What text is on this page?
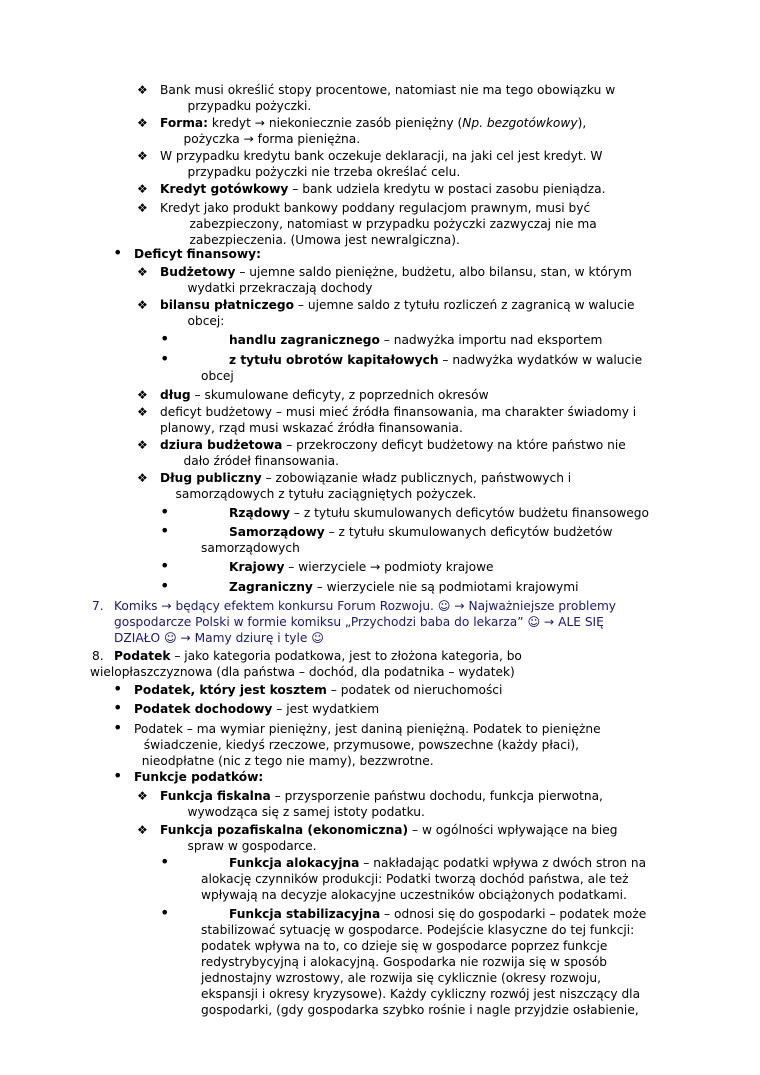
❖ Bank musi określić stopy procentowe, natomiast nie ma tego obowiązku w
przypadku pożyczki.
❖ Forma: kredyt → niekoniecznie zasób pieniężny (Np. bezgotówkowy),
pożyczka → forma pieniężna.
❖ W przypadku kredytu bank oczekuje deklaracji, na jaki cel jest kredyt. W
przypadku pożyczki nie trzeba określać celu.
❖ Kredyt gotówkowy – bank udziela kredytu w postaci zasobu pieniądza.
❖ Kredyt jako produkt bankowy poddany regulacjom prawnym, musi być
zabezpieczony, natomiast w przypadku pożyczki zazwyczaj nie ma
zabezpieczenia. (Umowa jest newralgiczna).
• Deficyt finansowy:
❖ Budżetowy – ujemne saldo pieniężne, budżetu, albo bilansu, stan, w którym
wydatki przekraczają dochody
❖ bilansu płatniczego – ujemne saldo z tytułu rozliczeń z zagranicą w walucie
obcej:
•	handlu zagranicznego – nadwyżka importu nad eksportem
•	z tytułu obrotów kapitałowych – nadwyżka wydatków w walucie
obcej
❖ dług – skumulowane deficyty, z poprzednich okresów
❖ deficyt budżetowy – musi mieć źródła finansowania, ma charakter świadomy i
planowy, rząd musi wskazać źródła finansowania.
❖ dziura budżetowa – przekroczony deficyt budżetowy na które państwo nie
dało źródeł finansowania.
❖ Dług publiczny – zobowiązanie władz publicznych, państwowych i
samorządowych z tytułu zaciągniętych pożyczek.
•	Rządowy – z tytułu skumulowanych deficytów budżetu finansowego
•	Samorządowy – z tytułu skumulowanych deficytów budżetów
samorządowych
•	Krajowy – wierzyciele → podmioty krajowe
•	Zagraniczny – wierzyciele nie są podmiotami krajowymi
7. Komiks → będący efektem konkursu Forum Rozwoju. ☺ → Najważniejsze problemy
gospodarcze Polski w formie komiksu „Przychodzi baba do lekarza” ☺ → ALE SIĘ
DZIAŁO ☺ → Mamy dziurę i tyle ☺
8. Podatek – jako kategoria podatkowa, jest to złożona kategoria, bo
wielopłaszczyznowa (dla państwa – dochód, dla podatnika – wydatek)
• Podatek, który jest kosztem – podatek od nieruchomości
• Podatek dochodowy – jest wydatkiem
• Podatek – ma wymiar pieniężny, jest daniną pieniężną. Podatek to pieniężne
świadczenie, kiedyś rzeczowe, przymusowe, powszechne (każdy płaci),
nieodpłatne (nic z tego nie mamy), bezzwrotne.
• Funkcje podatków:
❖ Funkcja fiskalna – przysporzenie państwu dochodu, funkcja pierwotna,
wywodząca się z samej istoty podatku.
❖ Funkcja pozafiskalna (ekonomiczna) – w ogólności wpływające na bieg
spraw w gospodarce.
•	Funkcja alokacyjna – nakładając podatki wpływa z dwóch stron na
alokację czynników produkcji: Podatki tworzą dochód państwa, ale też
wpływają na decyzje alokacyjne uczestników obciążonych podatkami.
•	Funkcja stabilizacyjna – odnosi się do gospodarki – podatek może
stabilizować sytuację w gospodarce. Podejście klasyczne do tej funkcji:
podatek wpływa na to, co dzieje się w gospodarce poprzez funkcje
redystrybycyjną i alokacyjną. Gospodarka nie rozwija się w sposób
jednostajny wzrostowy, ale rozwija się cyklicznie (okresy rozwoju,
ekspansji i okresy kryzysowe). Każdy cykliczny rozwój jest niszczący dla
gospodarki, (gdy gospodarka szybko rośnie i nagle przyjdzie osłabienie,
